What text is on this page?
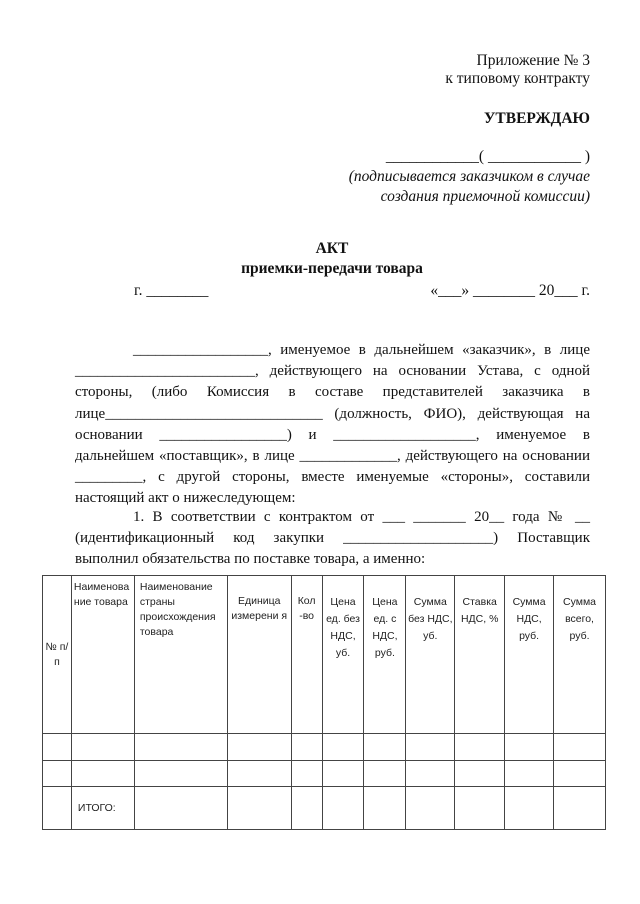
Приложение № 3
к типовому контракту
УТВЕРЖДАЮ
____________( ____________ )
(подписывается заказчиком в случае
создания приемочной комиссии)
АКТ
приемки-передачи товара
г. ________	«___» ________ 20___ г.

__________________, именуемое в дальнейшем «заказчик», в лице

________________________, действующего на основании Устава, с одной

стороны, (либо Комиссия в составе представителей заказчика в

лице_____________________________ (должность, ФИО), действующая на

основании _________________) и ___________________, именуемое в

дальнейшем «поставщик», в лице _____________, действующего на основании

_________, с другой стороны, вместе именуемые «стороны», составили

настоящий акт о нижеследующем:

1. В соответствии с контрактом от ___ _______ 20__ года № __

(идентификационный код закупки ____________________) Поставщик

выполнил обязательства по поставке товара, а именно:

№ п/п	Наименова ние товара	Наименование страны происхождения товара	Единица измерени я	Кол -во	Цена ед. без НДС, уб.	Цена ед. с НДС, руб.	Сумма без НДС, уб.	Ставка НДС, %	Сумма НДС, руб.	Сумма всего, руб.

	ИТОГО:									
